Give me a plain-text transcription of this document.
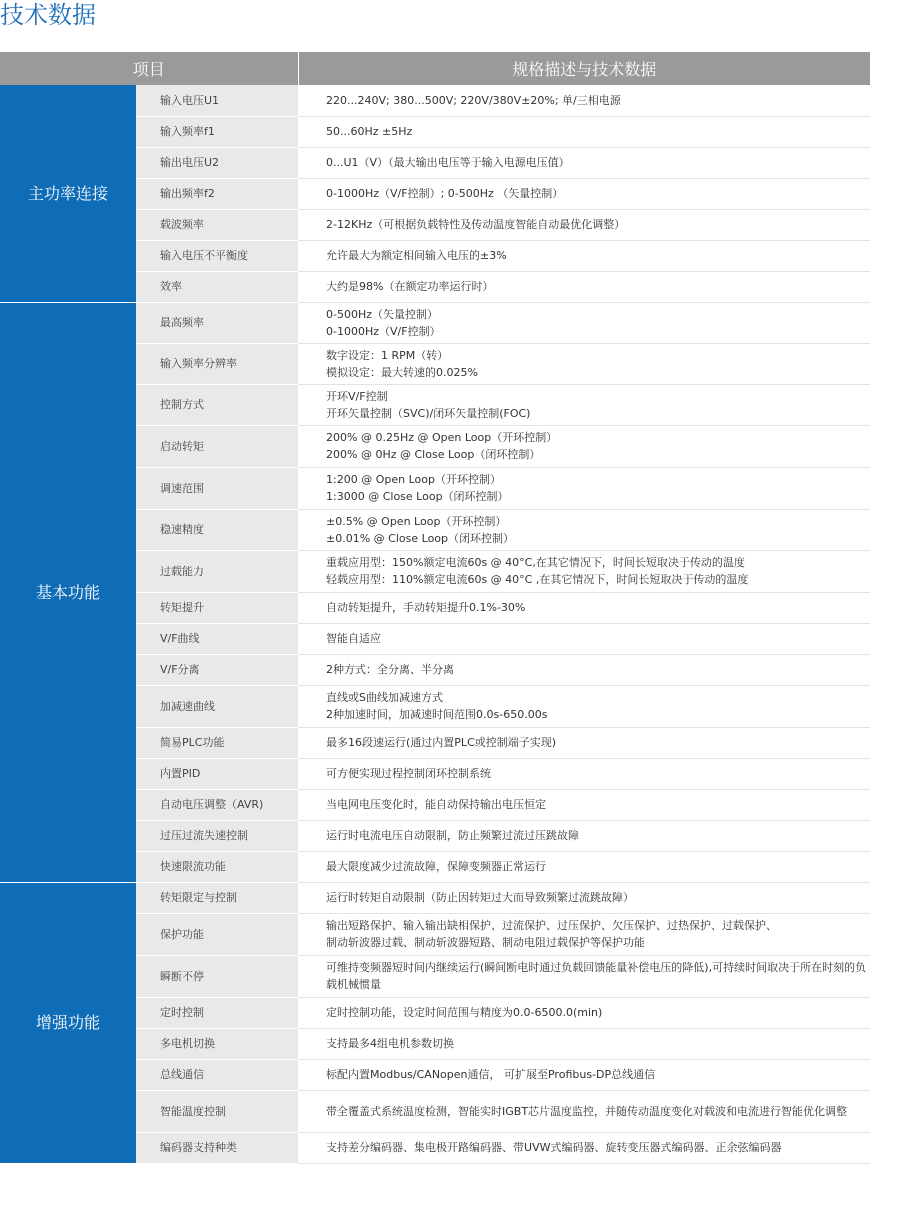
技术数据
项目		规格描述与技术数据
主功率连接	输入电压U1	220...240V; 380...500V; 220V/380V±20%; 单/三相电源

	输入频率f1	50...60Hz ±5Hz

	输出电压U2	0...U1（V）（最大输出电压等于输入电源电压值）

	输出频率f2	0-1000Hz（V/F控制）; 0-500Hz （矢量控制）

	载波频率	2-12KHz（可根据负载特性及传动温度智能自动最优化调整）

	输入电压不平衡度	允许最大为额定相间输入电压的±3%

	效率	大约是98%（在额定功率运行时）

基本功能	最高频率	0-500Hz（矢量控制）
0-1000Hz（V/F控制）

	输入频率分辨率	数字设定：1 RPM（转）
模拟设定：最大转速的0.025%

	控制方式	开环V/F控制
开环矢量控制（SVC)/闭环矢量控制(FOC)

	启动转矩	200% @ 0.25Hz @ Open Loop（开环控制）
200% @ 0Hz @ Close Loop（闭环控制）

	调速范围	1:200 @ Open Loop（开环控制）
1:3000 @ Close Loop（闭环控制）

	稳速精度	±0.5% @ Open Loop（开环控制）
±0.01% @ Close Loop（闭环控制）

	过载能力	重载应用型：150%额定电流60s @ 40°C,在其它情况下，时间长短取决于传动的温度
轻载应用型：110%额定电流60s @ 40°C ,在其它情况下，时间长短取决于传动的温度

	转矩提升	自动转矩提升，手动转矩提升0.1%-30%

	V/F曲线	智能自适应

	V/F分离	2种方式：全分离、半分离

	加减速曲线	直线或S曲线加减速方式
2种加速时间，加减速时间范围0.0s-650.00s

	简易PLC功能	最多16段速运行(通过内置PLC或控制端子实现)

	内置PID	可方便实现过程控制闭环控制系统

	自动电压调整（AVR)	当电网电压变化时，能自动保持输出电压恒定

	过压过流失速控制	运行时电流电压自动限制，防止频繁过流过压跳故障

	快速限流功能	最大限度减少过流故障，保障变频器正常运行

增强功能	转矩限定与控制	运行时转矩自动限制（防止因转矩过大而导致频繁过流跳故障）

	保护功能	输出短路保护、输入输出缺相保护、过流保护、过压保护、欠压保护、过热保护、过载保护、
制动斩波器过载、制动斩波器短路、制动电阻过载保护等保护功能

	瞬断不停	可维持变频器短时间内继续运行(瞬间断电时通过负载回馈能量补偿电压的降低),可持续时间取决于所在时刻的负载机械惯量

	定时控制	定时控制功能，设定时间范围与精度为0.0-6500.0(min)

	多电机切换	支持最多4组电机参数切换

	总线通信	标配内置Modbus/CANopen通信， 可扩展至Profibus-DP总线通信

	智能温度控制	带全覆盖式系统温度检测，智能实时IGBT芯片温度监控，并随传动温度变化对载波和电流进行智能优化调整

	编码器支持种类	支持差分编码器、集电极开路编码器、带UVW式编码器、旋转变压器式编码器、正余弦编码器
